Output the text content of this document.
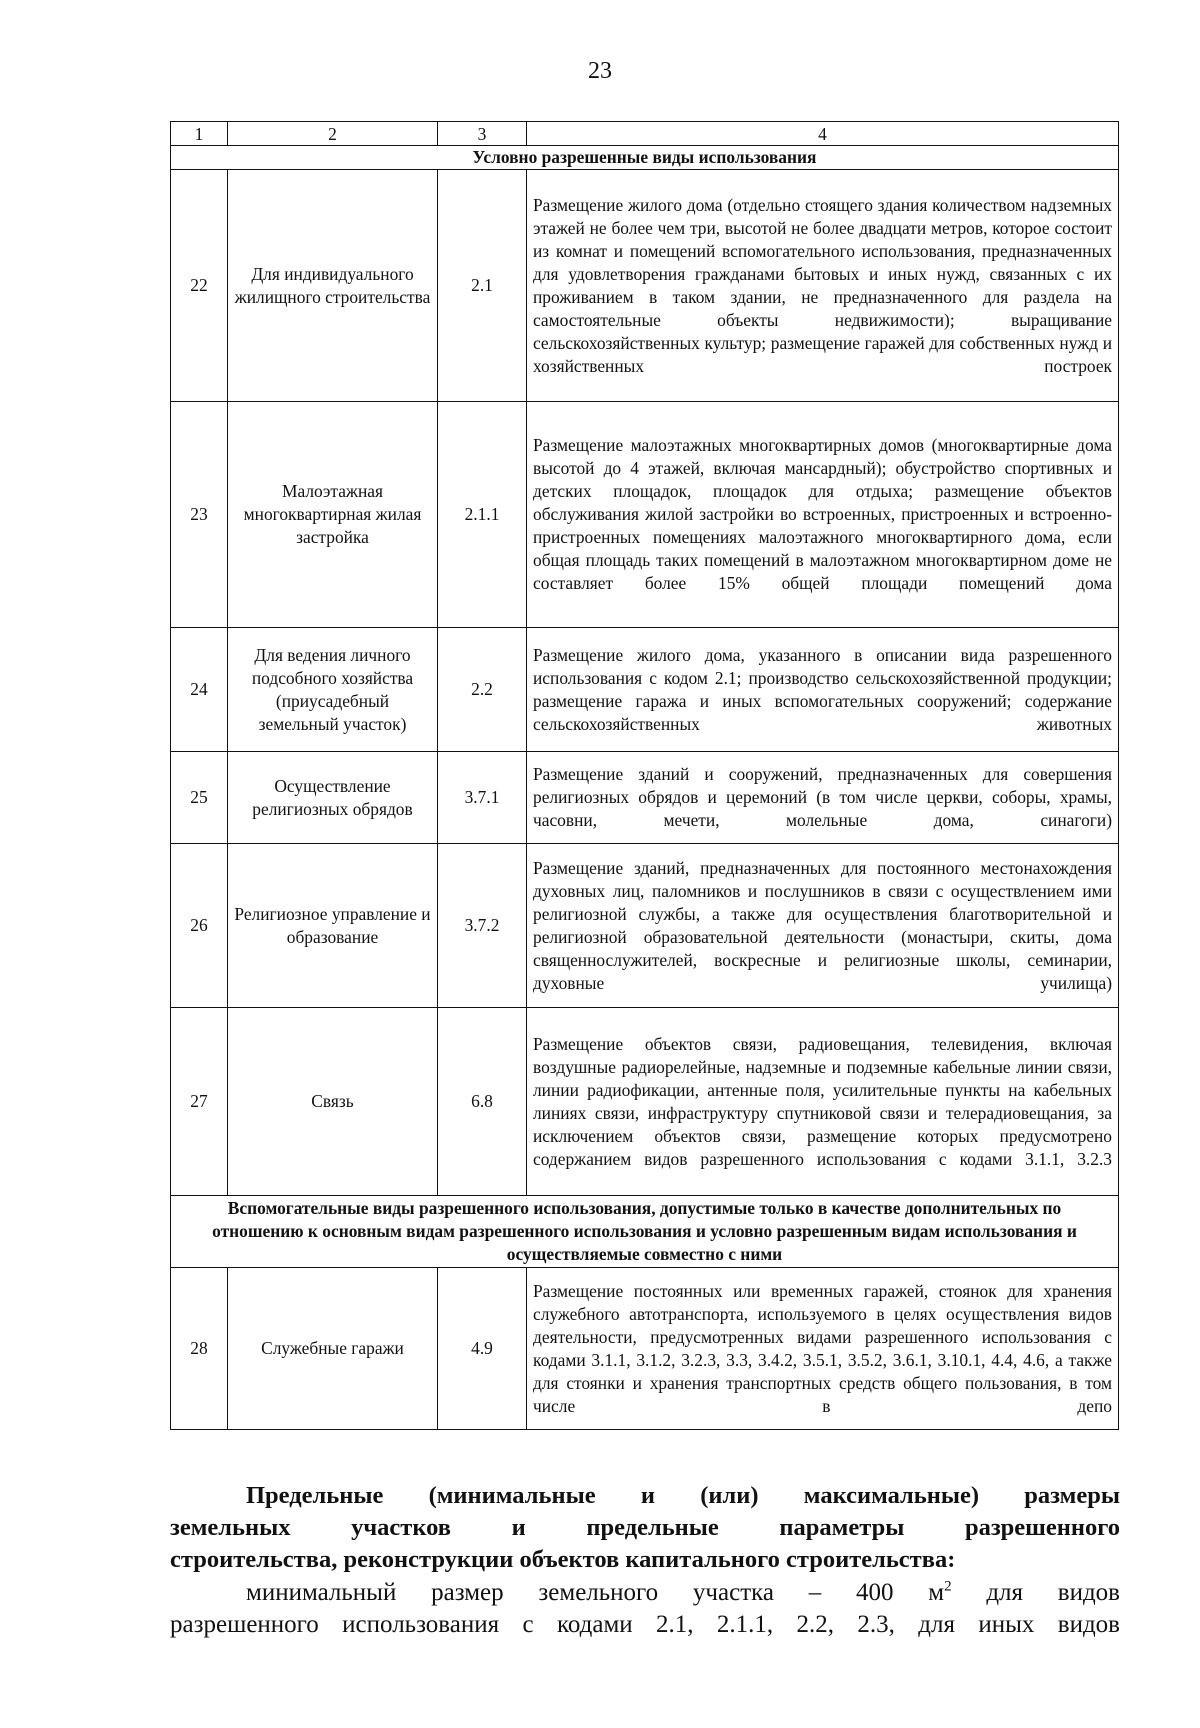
23
1	2	3	4
Условно разрешенные виды использования			
22	Для индивидуального жилищного строительства	2.1	Размещение жилого дома (отдельно стоящего здания количеством надземных этажей не более чем три, высотой не более двадцати метров, которое состоит из комнат и помещений вспомогательного использования, предназначенных для удовлетворения гражданами бытовых и иных нужд, связанных с их проживанием в таком здании, не предназначенного для раздела на самостоятельные объекты недвижимости); выращивание сельскохозяйственных культур; размещение гаражей для собственных нужд и хозяйственных построек
23	Малоэтажная многоквартирная жилая застройка	2.1.1	Размещение малоэтажных многоквартирных домов (многоквартирные дома высотой до 4 этажей, включая мансардный); обустройство спортивных и детских площадок, площадок для отдыха; размещение объектов обслуживания жилой застройки во встроенных, пристроенных и встроенно-пристроенных помещениях малоэтажного многоквартирного дома, если общая площадь таких помещений в малоэтажном многоквартирном доме не составляет более 15% общей площади помещений дома
24	Для ведения личного подсобного хозяйства (приусадебный земельный участок)	2.2	Размещение жилого дома, указанного в описании вида разрешенного использования с кодом 2.1; производство сельскохозяйственной продукции; размещение гаража и иных вспомогательных сооружений; содержание сельскохозяйственных животных
25	Осуществление религиозных обрядов	3.7.1	Размещение зданий и сооружений, предназначенных для совершения религиозных обрядов и церемоний (в том числе церкви, соборы, храмы, часовни, мечети, молельные дома, синагоги)
26	Религиозное управление и образование	3.7.2	Размещение зданий, предназначенных для постоянного местонахождения духовных лиц, паломников и послушников в связи с осуществлением ими религиозной службы, а также для осуществления благотворительной и религиозной образовательной деятельности (монастыри, скиты, дома священнослужителей, воскресные и религиозные школы, семинарии, духовные училища)
27	Связь	6.8	Размещение объектов связи, радиовещания, телевидения, включая воздушные радиорелейные, надземные и подземные кабельные линии связи, линии радиофикации, антенные поля, усилительные пункты на кабельных линиях связи, инфраструктуру спутниковой связи и телерадиовещания, за исключением объектов связи, размещение которых предусмотрено содержанием видов разрешенного использования с кодами 3.1.1, 3.2.3
Вспомогательные виды разрешенного использования, допустимые только в качестве дополнительных по отношению к основным видам разрешенного использования и условно разрешенным видам использования и осуществляемые совместно с ними			
28	Служебные гаражи	4.9	Размещение постоянных или временных гаражей, стоянок для хранения служебного автотранспорта, используемого в целях осуществления видов деятельности, предусмотренных видами разрешенного использования с кодами 3.1.1, 3.1.2, 3.2.3, 3.3, 3.4.2, 3.5.1, 3.5.2, 3.6.1, 3.10.1, 4.4, 4.6, а также для стоянки и хранения транспортных средств общего пользования, в том числе в депо
Предельные (минимальные и (или) максимальные) размеры
земельных участков и предельные параметры разрешенного
строительства, реконструкции объектов капитального строительства:
минимальный размер земельного участка – 400 $м^2$ для видов
разрешенного использования с кодами 2.1, 2.1.1, 2.2, 2.3, для иных видов
